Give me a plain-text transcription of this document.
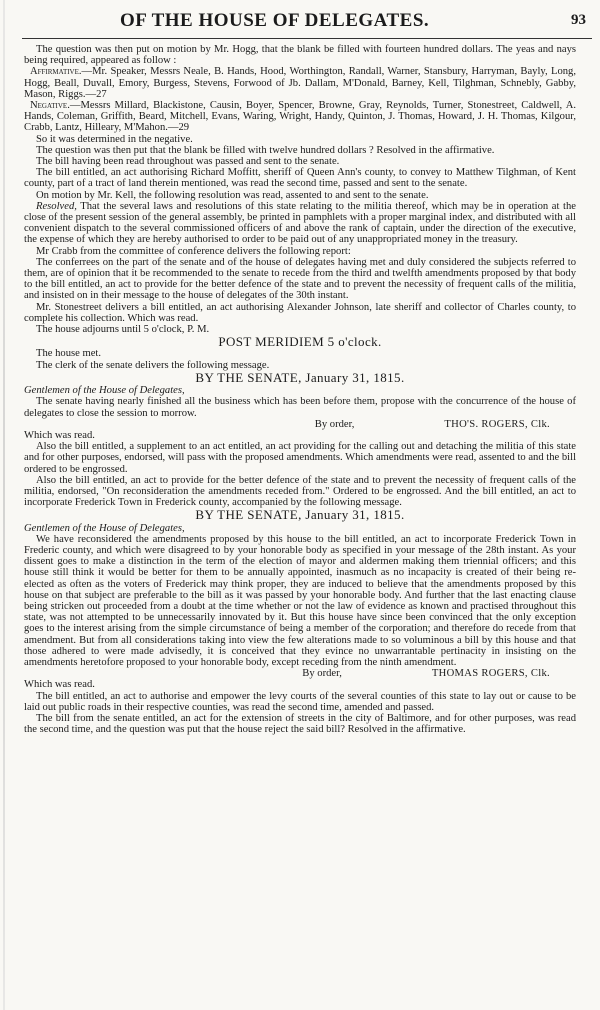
OF THE HOUSE OF DELEGATES.	93

The question was then put on motion by Mr. Hogg, that the blank be filled with fourteen hundred dollars. The yeas and nays being required, appeared as follow :

Affirmative.—Mr. Speaker, Messrs Neale, B. Hands, Hood, Worthington, Randall, Warner, Stansbury, Harryman, Bayly, Long, Hogg, Beall, Duvall, Emory, Burgess, Stevens, Forwood of Jb. Dallam, M'Donald, Barney, Kell, Tilghman, Schnebly, Gabby, Mason, Riggs.—27

Negative.—Messrs Millard, Blackistone, Causin, Boyer, Spencer, Browne, Gray, Reynolds, Turner, Stonestreet, Caldwell, A. Hands, Coleman, Griffith, Beard, Mitchell, Evans, Waring, Wright, Handy, Quinton, J. Thomas, Howard, J. H. Thomas, Kilgour, Crabb, Lantz, Hilleary, M'Mahon.—29

So it was determined in the negative.

The question was then put that the blank be filled with twelve hundred dollars ? Resolved in the affirmative.

The bill having been read throughout was passed and sent to the senate.

The bill entitled, an act authorising Richard Moffitt, sheriff of Queen Ann's county, to convey to Matthew Tilghman, of Kent county, part of a tract of land therein mentioned, was read the second time, passed and sent to the senate.

On motion by Mr. Kell, the following resolution was read, assented to and sent to the senate.

Resolved, That the several laws and resolutions of this state relating to the militia thereof, which may be in operation at the close of the present session of the general assembly, be printed in pamphlets with a proper marginal index, and distributed with all convenient dispatch to the several commissioned officers of and above the rank of captain, under the direction of the executive, the expense of which they are hereby authorised to order to be paid out of any unappropriated money in the treasury.

Mr Crabb from the committee of conference delivers the following report:

The conferrees on the part of the senate and of the house of delegates having met and duly considered the subjects referred to them, are of opinion that it be recommended to the senate to recede from the third and twelfth amendments proposed by that body to the bill entitled, an act to provide for the better defence of the state and to prevent the necessity of frequent calls of the militia, and insisted on in their message to the house of delegates of the 30th instant.

Mr. Stonestreet delivers a bill entitled, an act authorising Alexander Johnson, late sheriff and collector of Charles county, to complete his collection. Which was read.

The house adjourns until 5 o'clock, P. M.

POST MERIDIEM 5 o'clock.

The house met.

The clerk of the senate delivers the following message.

BY THE SENATE, January 31, 1815.

Gentlemen of the House of Delegates,

The senate having nearly finished all the business which has been before them, propose with the concurrence of the house of delegates to close the session to morrow.

By order,	THO'S. ROGERS, Clk.

Which was read.

Also the bill entitled, a supplement to an act entitled, an act providing for the calling out and detaching the militia of this state and for other purposes, endorsed, will pass with the proposed amendments. Which amendments were read, assented to and the bill ordered to be engrossed.

Also the bill entitled, an act to provide for the better defence of the state and to prevent the necessity of frequent calls of the militia, endorsed, "On reconsideration the amendments receded from." Ordered to be engrossed. And the bill entitled, an act to incorporate Frederick Town in Frederick county, accompanied by the following message.

BY THE SENATE, January 31, 1815.

Gentlemen of the House of Delegates,

We have reconsidered the amendments proposed by this house to the bill entitled, an act to incorporate Frederick Town in Frederic county, and which were disagreed to by your honorable body as specified in your message of the 28th instant. As your dissent goes to make a distinction in the term of the election of mayor and aldermen making them triennial officers; and this house still think it would be better for them to be annually appointed, inasmuch as no incapacity is created of their being re-elected as often as the voters of Frederick may think proper, they are induced to believe that the amendments proposed by this house on that subject are preferable to the bill as it was passed by your honorable body. And further that the last enacting clause being stricken out proceeded from a doubt at the time whether or not the law of evidence as known and practised throughout this state, was not attempted to be unnecessarily innovated by it. But this house have since been convinced that the only exception goes to the interest arising from the simple circumstance of being a member of the corporation; and therefore do recede from that amendment. But from all considerations taking into view the few alterations made to so voluminous a bill by this house and that those adhered to were made advisedly, it is conceived that they evince no unwarrantable pertinacity in insisting on the amendments heretofore proposed to your honorable body, except receding from the ninth amendment.

By order,	THOMAS ROGERS, Clk.

Which was read.

The bill entitled, an act to authorise and empower the levy courts of the several counties of this state to lay out or cause to be laid out public roads in their respective counties, was read the second time, amended and passed.

The bill from the senate entitled, an act for the extension of streets in the city of Baltimore, and for other purposes, was read the second time, and the question was put that the house reject the said bill? Resolved in the affirmative.
